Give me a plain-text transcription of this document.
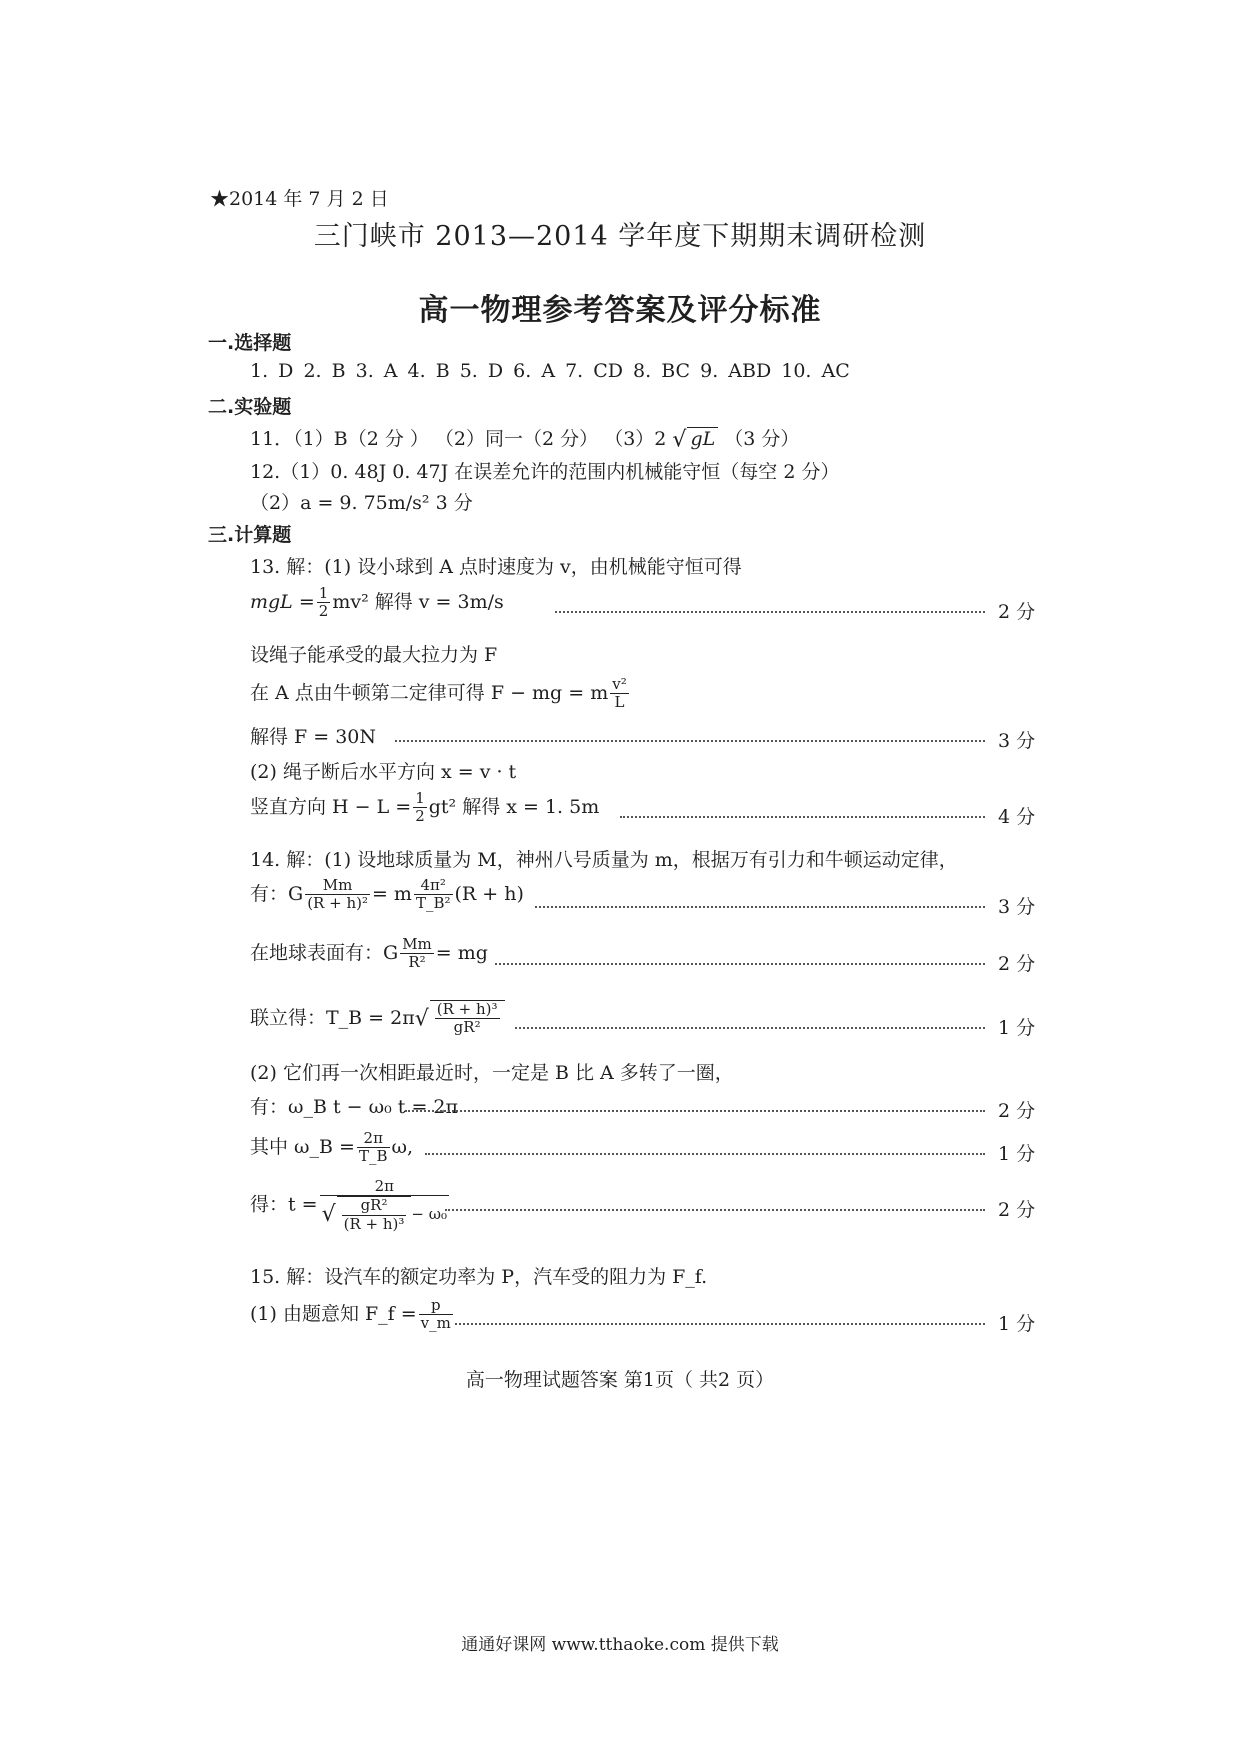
★2014 年 7 月 2 日
三门峡市 2013—2014 学年度下期期末调研检测
高一物理参考答案及评分标准
一.选择题
1. D 2. B 3. A 4. B 5. D 6. A 7. CD 8. BC 9. ABD 10. AC
二.实验题
11．（1）B（2 分 ） （2）同一（2 分） （3）2 √ gL （3 分）
12.（1）0. 48J 0. 47J 在误差允许的范围内机械能守恒（每空 2 分）
（2）a = 9. 75m/s² 3 分
三.计算题
13. 解：(1) 设小球到 A 点时速度为 v，由机械能守恒可得
mgL = $\frac{1}{2} mv^2$ 解得 v = 3m/s	2 分
设绳子能承受的最大拉力为 F
在 A 点由牛顿第二定律可得 F − mg = m $\frac{\text{v²}}{L}$
解得 F = 30N	3 分
(2) 绳子断后水平方向 x = v · t
竖直方向 $H - L = \frac{1}{2} gt^2$ 解得 x = 1. 5m	4 分
14. 解：(1) 设地球质量为 M，神州八号质量为 m，根据万有引力和牛顿运动定律，
有：G $\frac{Mm}{\text{(R + h)²}} = m \frac{\text{4π²}}{\text{T\_B²}} (R + h)$
3 分
在地球表面有：G $\frac{Mm}{\text{R²}}$ = mg
2 分
联立得：T_B = $2\pi√ \frac{\text{(R + h)³}}{\text{gR²}}$	1 分
(2) 它们再一次相距最近时，一定是 B 比 A 多转了一圈，
有：ω_B t − ω₀ t = 2π	2 分
其中 ω_B = $\frac{2\pi}{T\_B} \omega$,	1 分
得：$t = \frac{2\pi}{√ \frac{\text{gR²}}{\text{(R + h)³}} - \omega_0}$	2 分
15. 解：设汽车的额定功率为 P，汽车受的阻力为 F_f.
(1) 由题意知 F_f = $\frac{p}{v\_m}$	1 分
高一物理试题答案 第1页（ 共2 页）
通通好课网 www.tthaoke.com 提供下载
